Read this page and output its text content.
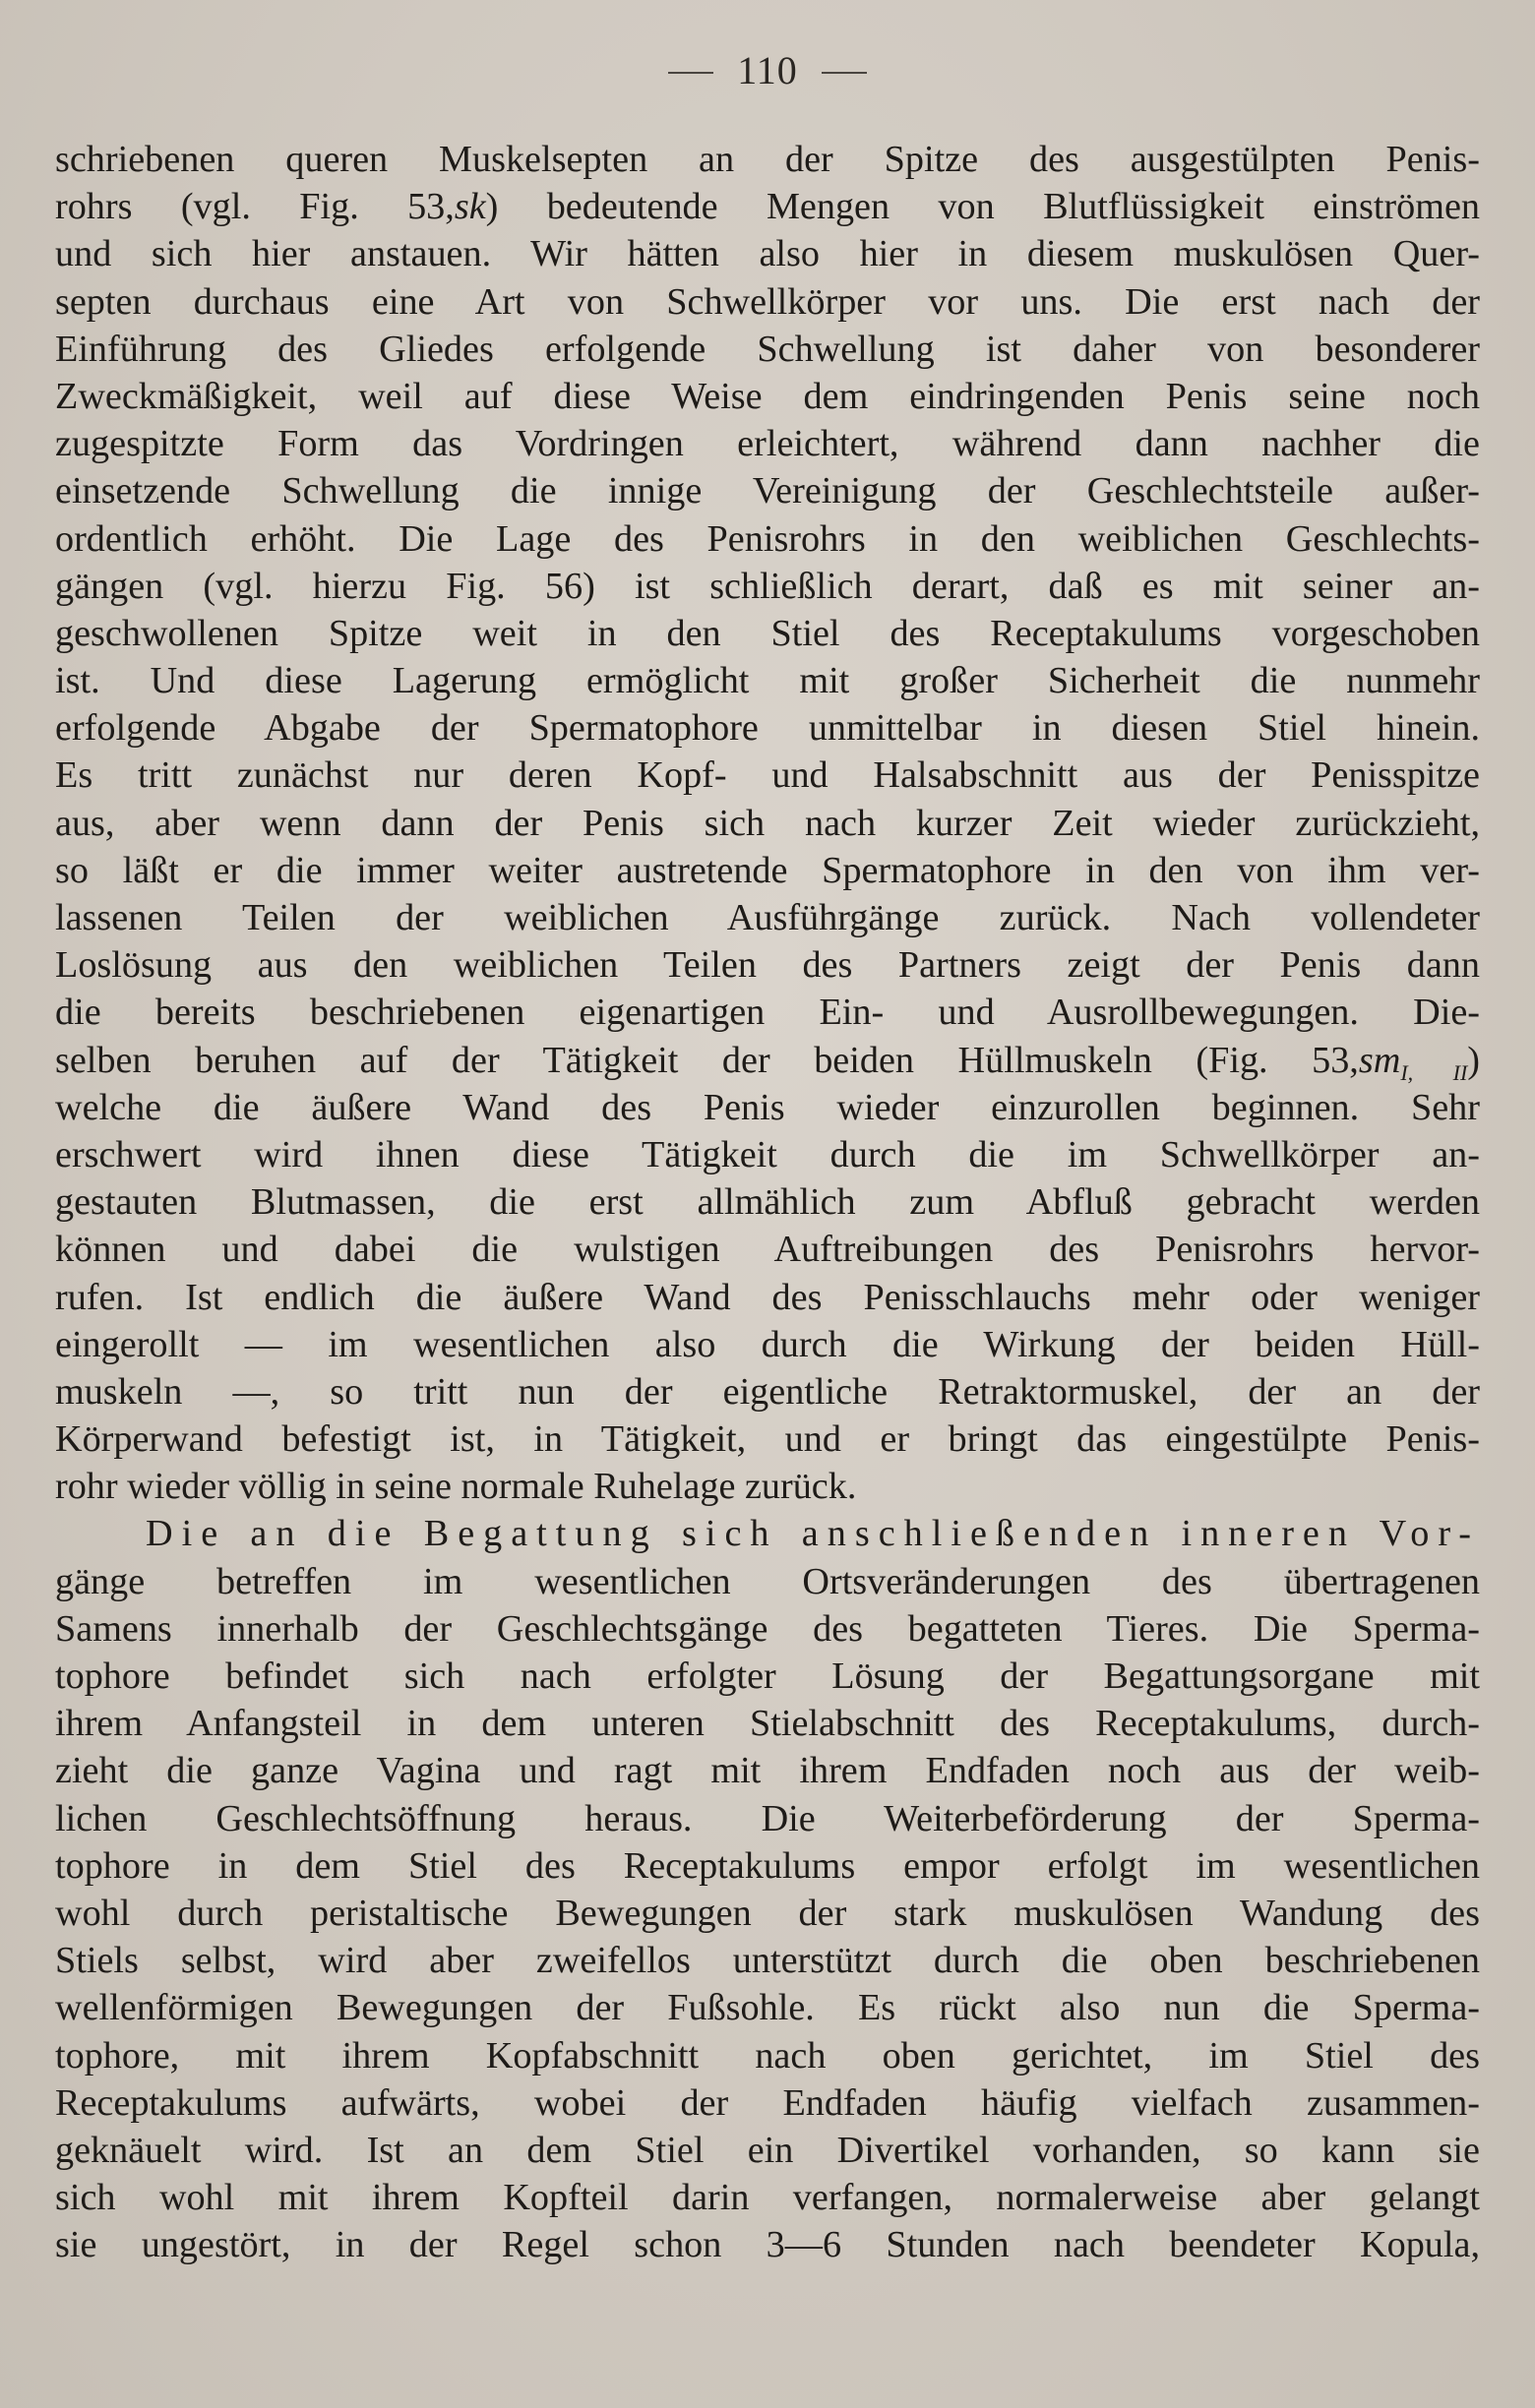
110
schriebenen queren Muskelsepten an der Spitze des ausgestülpten Penis-
rohrs (vgl. Fig. 53,sk) bedeutende Mengen von Blutflüssigkeit einströmen
und sich hier anstauen. Wir hätten also hier in diesem muskulösen Quer-
septen durchaus eine Art von Schwellkörper vor uns. Die erst nach der
Einführung des Gliedes erfolgende Schwellung ist daher von besonderer
Zweckmäßigkeit, weil auf diese Weise dem eindringenden Penis seine noch
zugespitzte Form das Vordringen erleichtert, während dann nachher die
einsetzende Schwellung die innige Vereinigung der Geschlechtsteile außer-
ordentlich erhöht. Die Lage des Penisrohrs in den weiblichen Geschlechts-
gängen (vgl. hierzu Fig. 56) ist schließlich derart, daß es mit seiner an-
geschwollenen Spitze weit in den Stiel des Receptakulums vorgeschoben
ist. Und diese Lagerung ermöglicht mit großer Sicherheit die nunmehr
erfolgende Abgabe der Spermatophore unmittelbar in diesen Stiel hinein.
Es tritt zunächst nur deren Kopf- und Halsabschnitt aus der Penisspitze
aus, aber wenn dann der Penis sich nach kurzer Zeit wieder zurückzieht,
so läßt er die immer weiter austretende Spermatophore in den von ihm ver-
lassenen Teilen der weiblichen Ausführgänge zurück. Nach vollendeter
Loslösung aus den weiblichen Teilen des Partners zeigt der Penis dann
die bereits beschriebenen eigenartigen Ein- und Ausrollbewegungen. Die-
selben beruhen auf der Tätigkeit der beiden Hüllmuskeln (Fig. $53,sm_{I, II}$)
welche die äußere Wand des Penis wieder einzurollen beginnen. Sehr
erschwert wird ihnen diese Tätigkeit durch die im Schwellkörper an-
gestauten Blutmassen, die erst allmählich zum Abfluß gebracht werden
können und dabei die wulstigen Auftreibungen des Penisrohrs hervor-
rufen. Ist endlich die äußere Wand des Penisschlauchs mehr oder weniger
eingerollt — im wesentlichen also durch die Wirkung der beiden Hüll-
muskeln —, so tritt nun der eigentliche Retraktormuskel, der an der
Körperwand befestigt ist, in Tätigkeit, und er bringt das eingestülpte Penis-
rohr wieder völlig in seine normale Ruhelage zurück.
Die an die Begattung sich anschließenden inneren Vor-
gänge betreffen im wesentlichen Ortsveränderungen des übertragenen
Samens innerhalb der Geschlechtsgänge des begatteten Tieres. Die Sperma-
tophore befindet sich nach erfolgter Lösung der Begattungsorgane mit
ihrem Anfangsteil in dem unteren Stielabschnitt des Receptakulums, durch-
zieht die ganze Vagina und ragt mit ihrem Endfaden noch aus der weib-
lichen Geschlechtsöffnung heraus. Die Weiterbeförderung der Sperma-
tophore in dem Stiel des Receptakulums empor erfolgt im wesentlichen
wohl durch peristaltische Bewegungen der stark muskulösen Wandung des
Stiels selbst, wird aber zweifellos unterstützt durch die oben beschriebenen
wellenförmigen Bewegungen der Fußsohle. Es rückt also nun die Sperma-
tophore, mit ihrem Kopfabschnitt nach oben gerichtet, im Stiel des
Receptakulums aufwärts, wobei der Endfaden häufig vielfach zusammen-
geknäuelt wird. Ist an dem Stiel ein Divertikel vorhanden, so kann sie
sich wohl mit ihrem Kopfteil darin verfangen, normalerweise aber gelangt
sie ungestört, in der Regel schon 3—6 Stunden nach beendeter Kopula,
